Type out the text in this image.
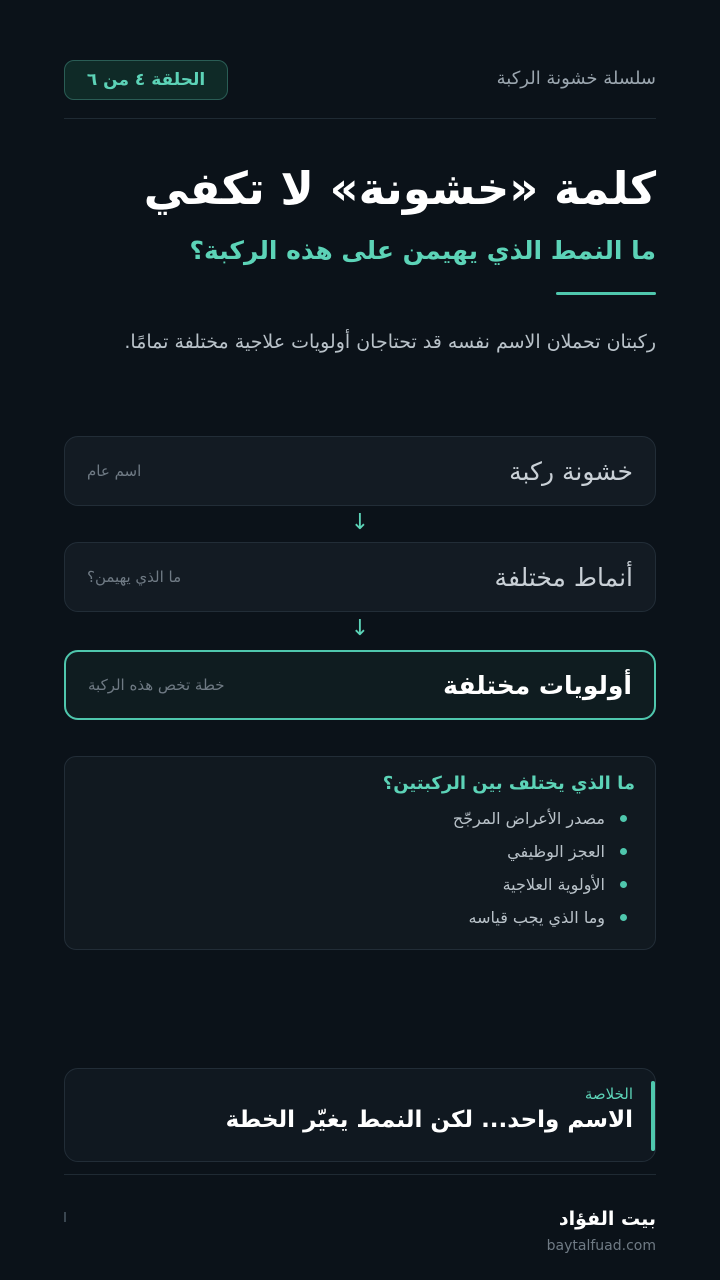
سلسلة خشونة الركبة
الحلقة ٤ من ٦
كلمة «خشونة» لا تكفي
ما النمط الذي يهيمن على هذه الركبة؟

ركبتان تحملان الاسم نفسه قد تحتاجان أولويات علاجية مختلفة تمامًا.

خشونة ركبة
اسم عام
↓
أنماط مختلفة
ما الذي يهيمن؟
↓
أولويات مختلفة
خطة تخص هذه الركبة
ما الذي يختلف بين الركبتين؟
مصدر الأعراض المرجّح
العجز الوظيفي
الأولوية العلاجية
وما الذي يجب قياسه
الخلاصة
الاسم واحد... لكن النمط يغيّر الخطة
بيت الفؤاد
baytalfuad.com
